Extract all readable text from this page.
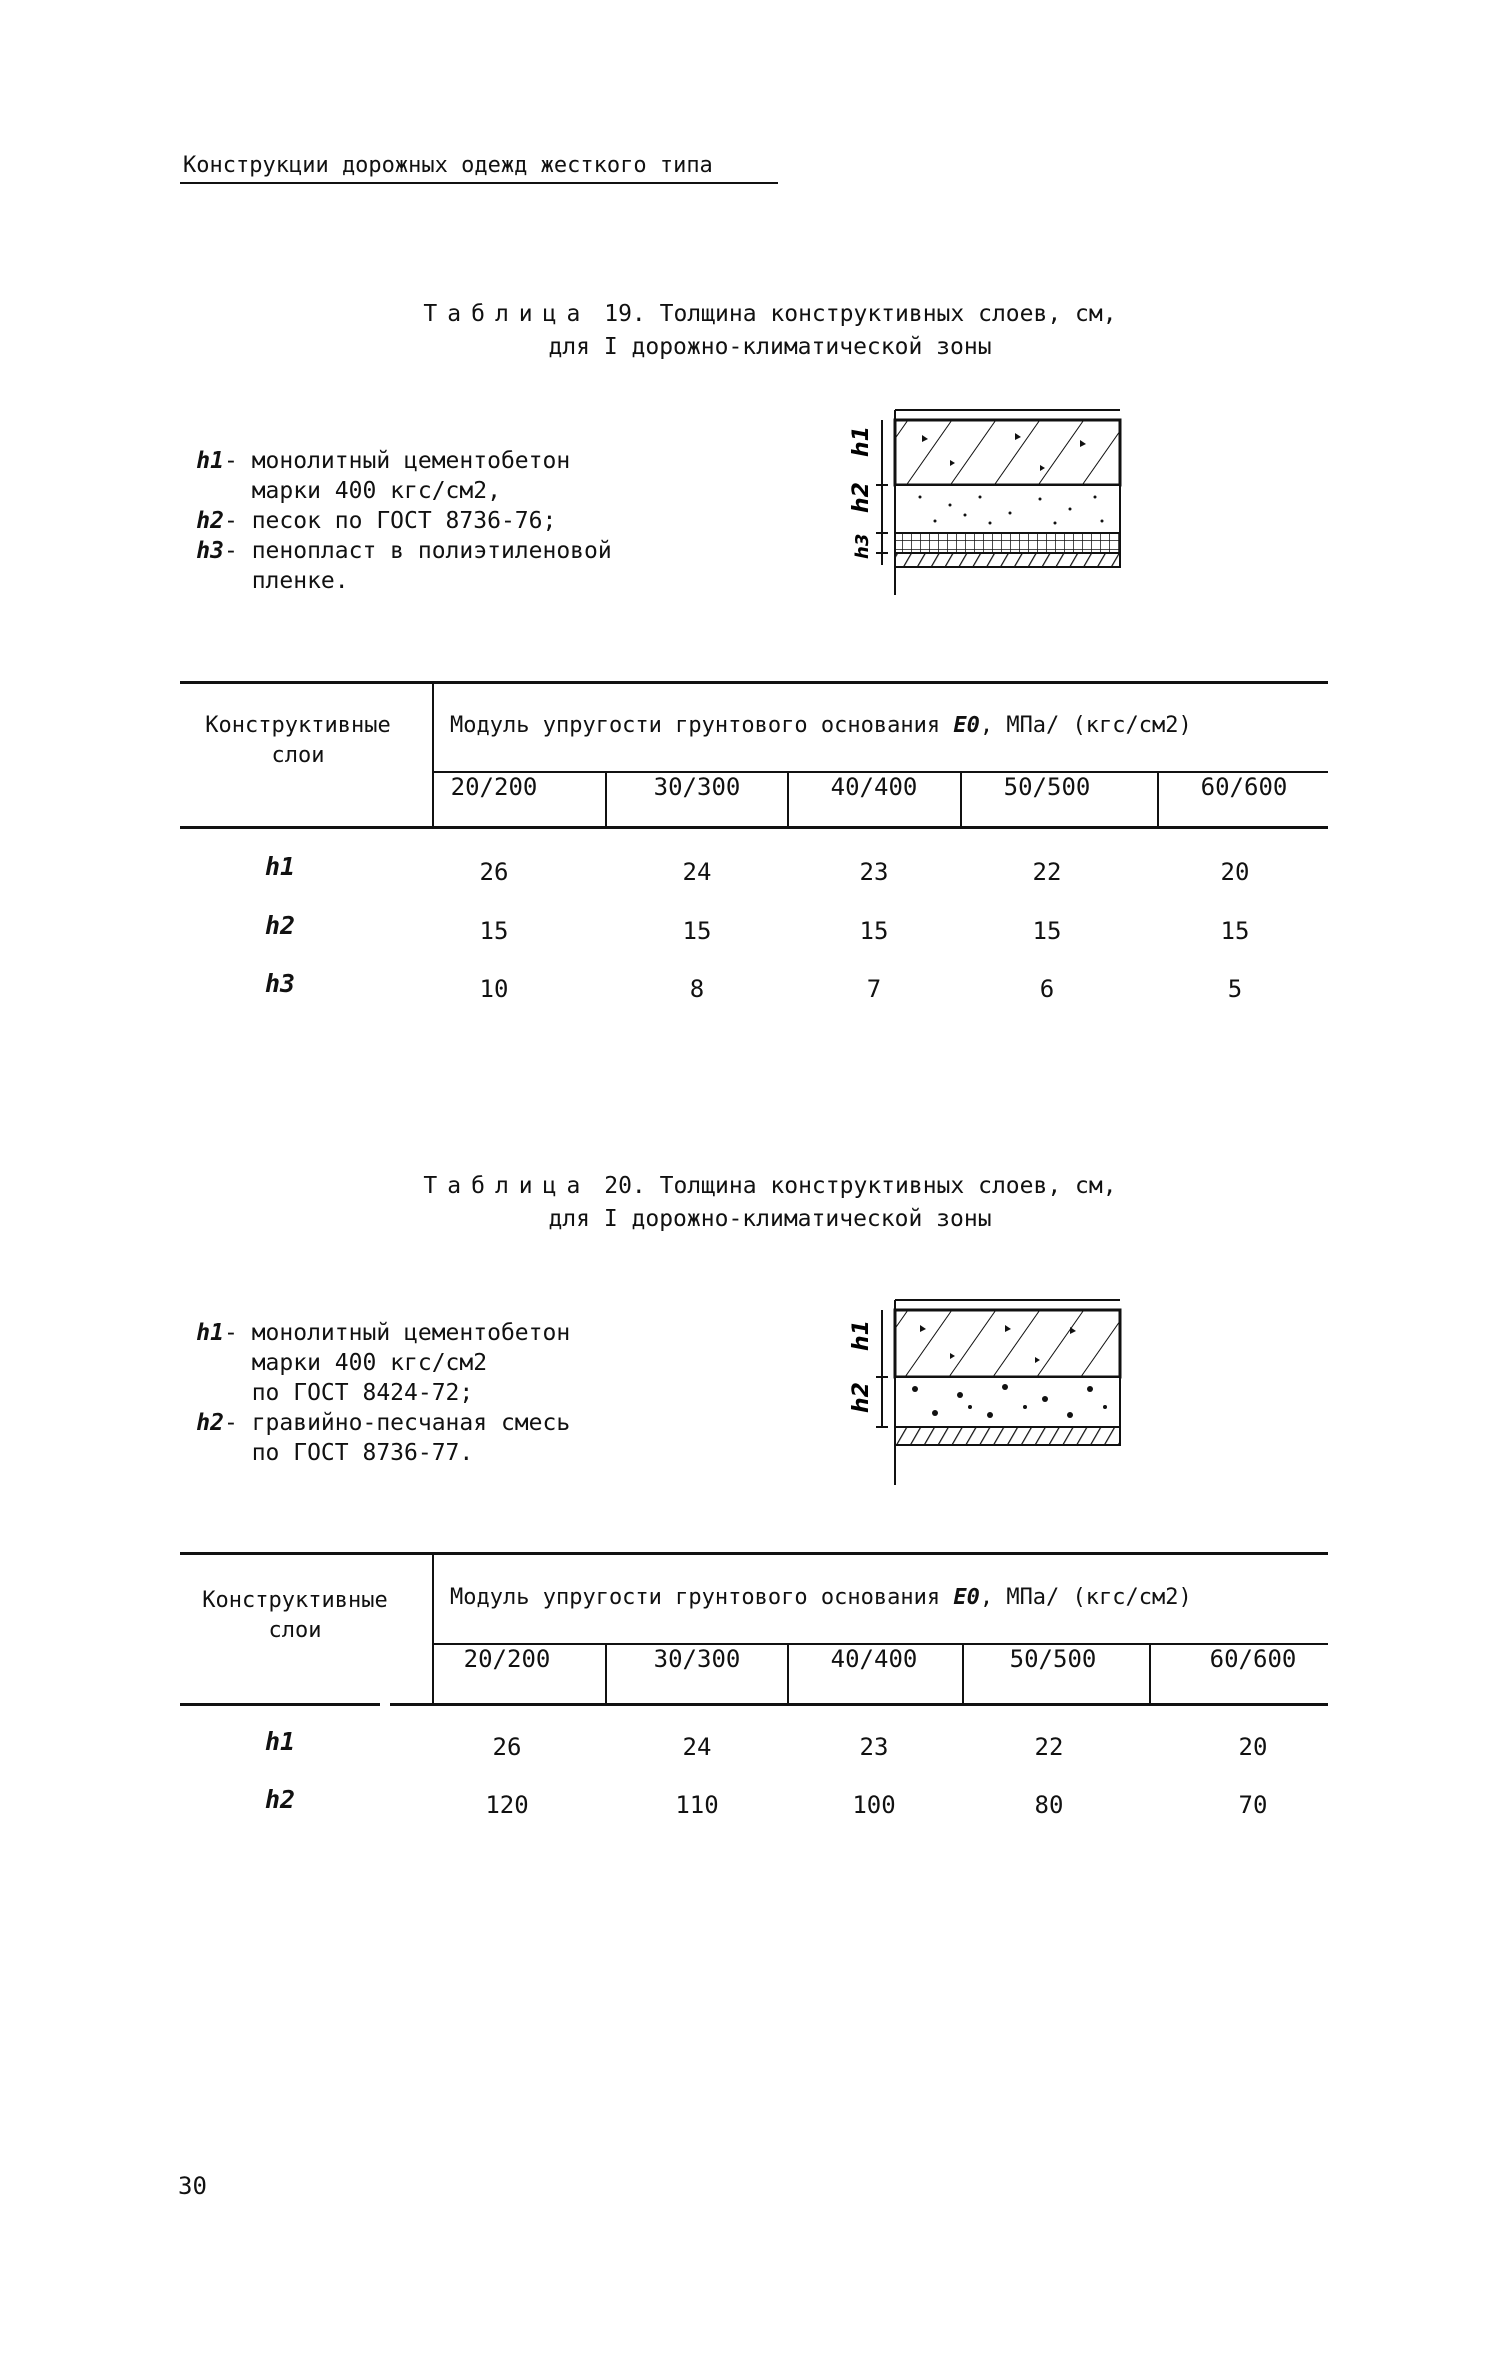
Конструкции дорожных одежд жесткого типа
Таблица 19. Толщина конструктивных слоев, см,
для I дорожно-климатической зоны
h1 - монолитный цементобетон
марки 400 кгс/см2,
h2 - песок по ГОСТ 8736-76;
h3 - пенопласт в полиэтиленовой
пленке.
h1
h2
h3
Конструктивные
слои
Модуль упругости грунтового основания E0, МПа/ (кгс/см2)
20/200	30/300	40/400	50/500	60/600
h1	26	24	23	22	20
h2	15	15	15	15	15
h3	10	8	7	6	5
Таблица 20. Толщина конструктивных слоев, см,
для I дорожно-климатической зоны
h1 - монолитный цементобетон
марки 400 кгс/см2
по ГОСТ 8424-72;
h2 - гравийно-песчаная смесь
по ГОСТ 8736-77.
h1
h2
Конструктивные
слои
Модуль упругости грунтового основания E0, МПа/ (кгс/см2)
20/200	30/300	40/400	50/500	60/600
h1	26	24	23	22	20
h2	120	110	100	80	70
30
